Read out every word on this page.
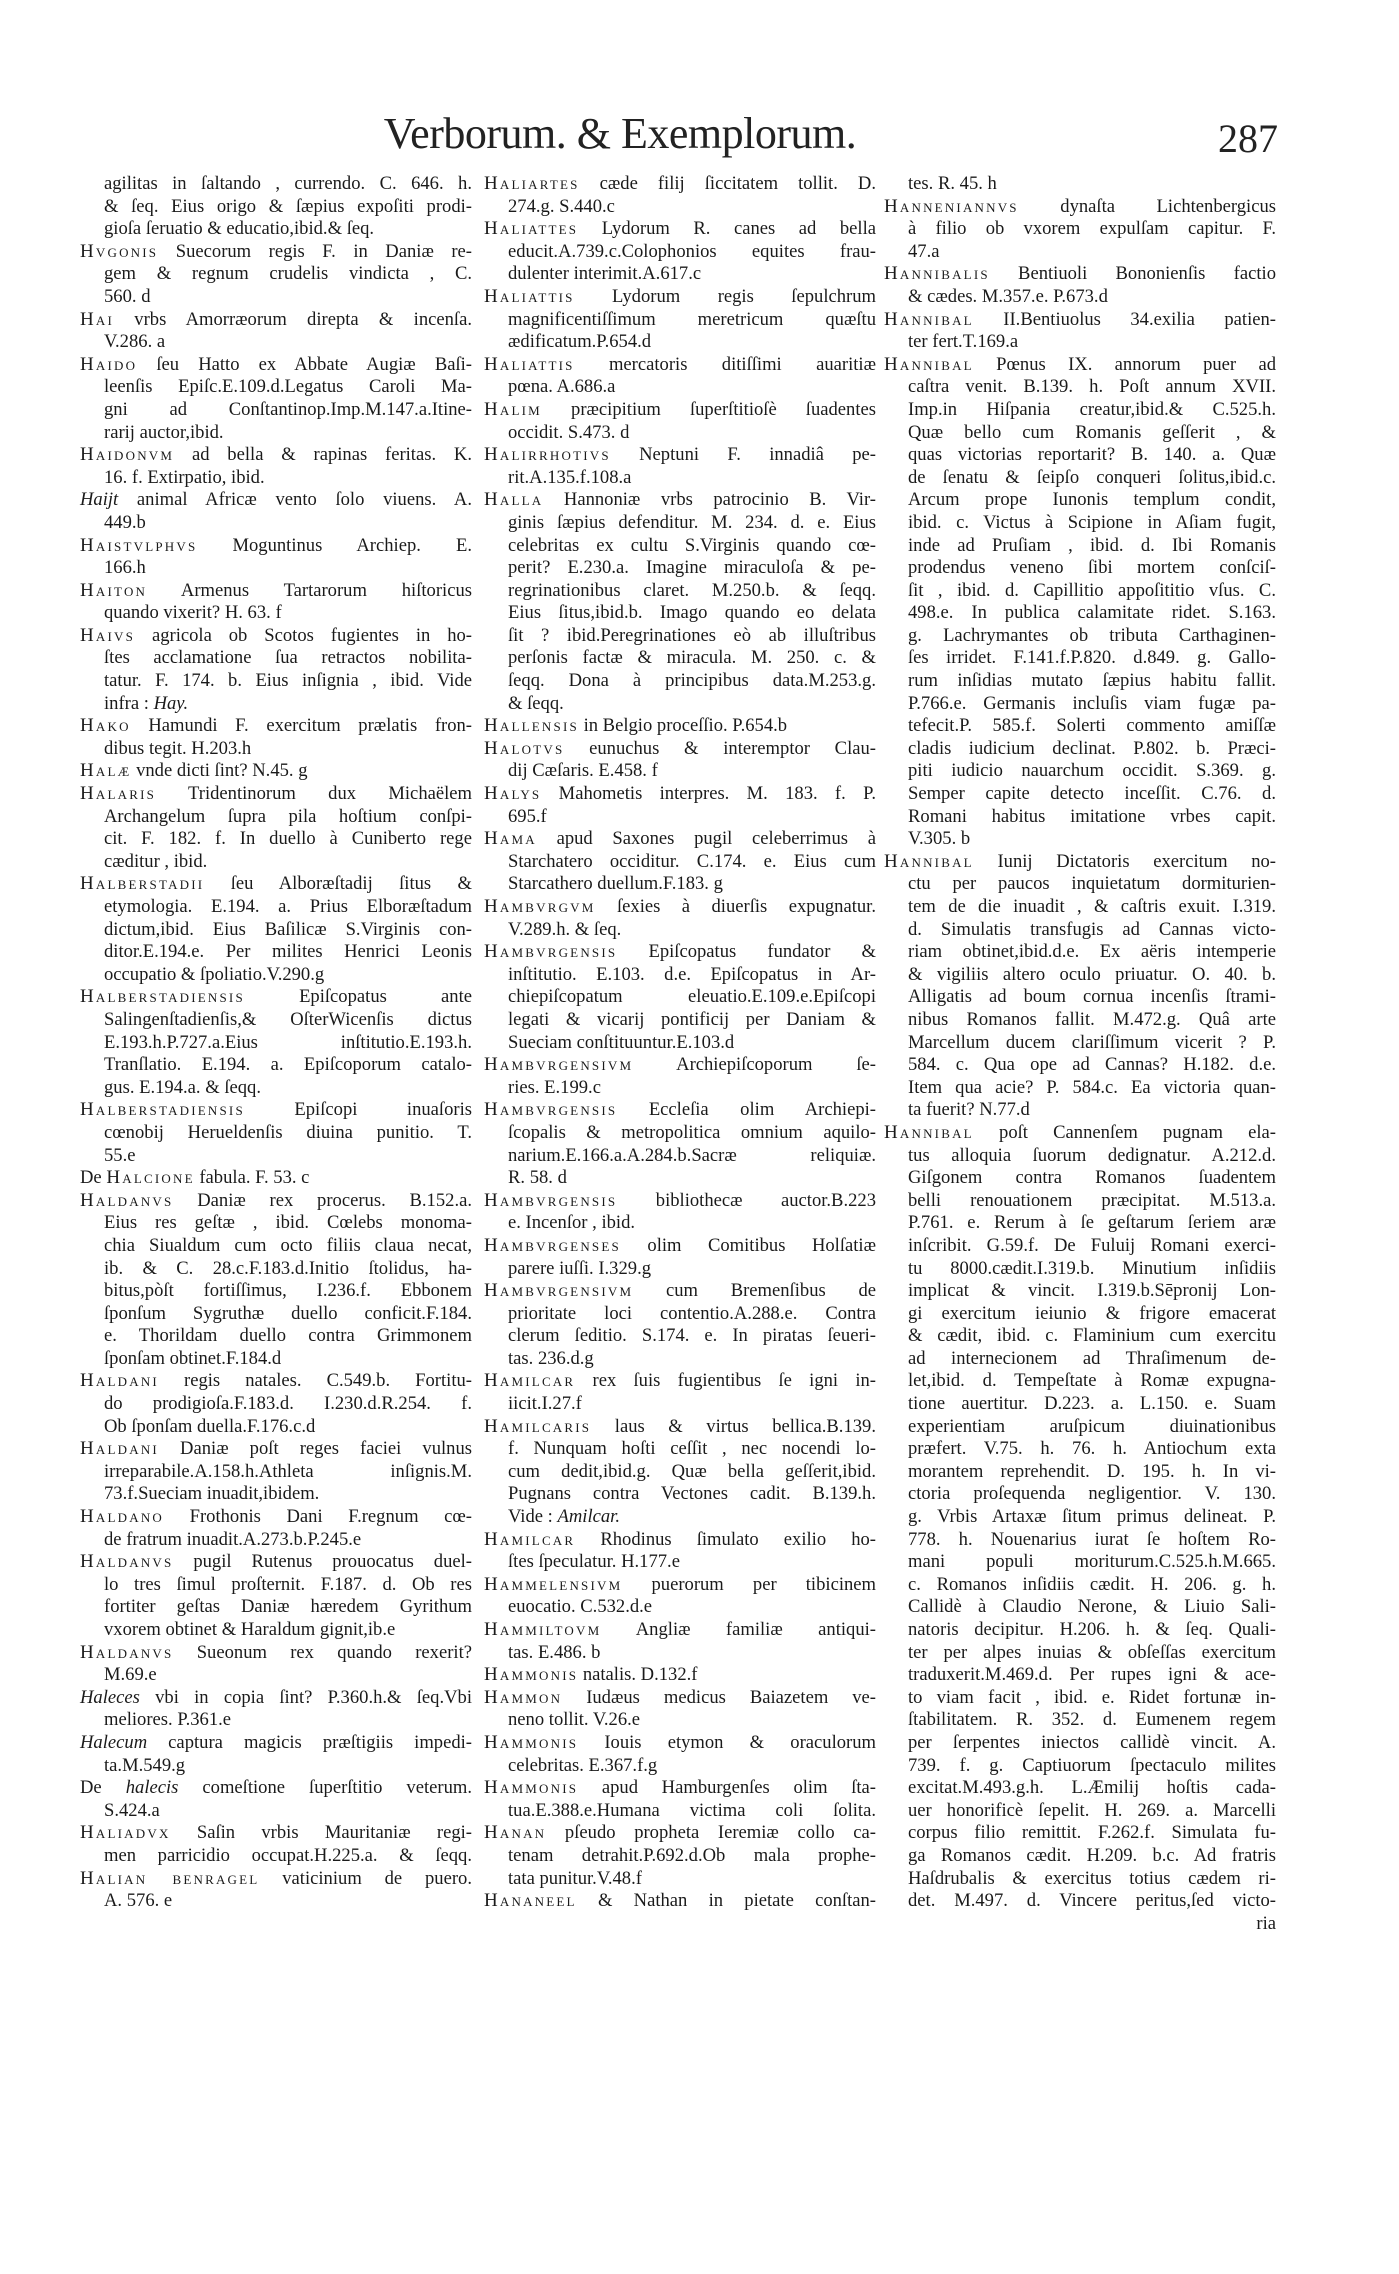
Verborum. & Exemplorum.	287
agilitas in ſaltando , currendo. C. 646. h.
& ſeq. Eius origo & ſæpius expoſiti prodi-
gioſa ſeruatio & educatio,ibid.& ſeq.
Hvgonis Suecorum regis F. in Daniæ re-
gem & regnum crudelis vindicta , C.
560. d
Hai vrbs Amorræorum direpta & incenſa.
V.286. a
Haido ſeu Hatto ex Abbate Augiæ Baſi-
leenſis Epiſc.E.109.d.Legatus Caroli Ma-
gni ad Conſtantinop.Imp.M.147.a.Itine-
rarij auctor,ibid.
Haidonvm ad bella & rapinas feritas. K.
16. f. Extirpatio, ibid.
Haijt animal Africæ vento ſolo viuens. A.
449.b
Haistvlphvs Moguntinus Archiep. E.
166.h
Haiton Armenus Tartarorum hiſtoricus
quando vixerit? H. 63. f
Haivs agricola ob Scotos fugientes in ho-
ſtes acclamatione ſua retractos nobilita-
tatur. F. 174. b. Eius inſignia , ibid. Vide
infra : Hay.
Hako Hamundi F. exercitum prælatis fron-
dibus tegit. H.203.h
Halæ vnde dicti ſint? N.45. g
Halaris Tridentinorum dux Michaëlem
Archangelum ſupra pila hoſtium conſpi-
cit. F. 182. f. In duello à Cuniberto rege
cæditur , ibid.
Halberstadii ſeu Alboræſtadij ſitus &
etymologia. E.194. a. Prius Elboræſtadum
dictum,ibid. Eius Baſilicæ S.Virginis con-
ditor.E.194.e. Per milites Henrici Leonis
occupatio & ſpoliatio.V.290.g
Halberstadiensis Epiſcopatus ante
Salingenſtadienſis,& OſterWicenſis dictus
E.193.h.P.727.a.Eius inſtitutio.E.193.h.
Tranſlatio. E.194. a. Epiſcoporum catalo-
gus. E.194.a. & ſeqq.
Halberstadiensis Epiſcopi inuaſoris
cœnobij Herueldenſis diuina punitio. T.
55.e
De Halcione fabula. F. 53. c
Haldanvs Daniæ rex procerus. B.152.a.
Eius res geſtæ , ibid. Cœlebs monoma-
chia Siualdum cum octo filiis claua necat,
ib. & C. 28.c.F.183.d.Initio ſtolidus, ha-
bitus,pòſt fortiſſimus, I.236.f. Ebbonem
ſponſum Sygruthæ duello conficit.F.184.
e. Thorildam duello contra Grimmonem
ſponſam obtinet.F.184.d
Haldani regis natales. C.549.b. Fortitu-
do prodigioſa.F.183.d. I.230.d.R.254. f.
Ob ſponſam duella.F.176.c.d
Haldani Daniæ poſt reges faciei vulnus
irreparabile.A.158.h.Athleta inſignis.M.
73.f.Sueciam inuadit,ibidem.
Haldano Frothonis Dani F.regnum cœ-
de fratrum inuadit.A.273.b.P.245.e
Haldanvs pugil Rutenus prouocatus duel-
lo tres ſimul proſternit. F.187. d. Ob res
fortiter geſtas Daniæ hæredem Gyrithum
vxorem obtinet & Haraldum gignit,ib.e
Haldanvs Sueonum rex quando rexerit?
M.69.e
Haleces vbi in copia ſint? P.360.h.& ſeq.Vbi
meliores. P.361.e
Halecum captura magicis præſtigiis impedi-
ta.M.549.g
De halecis comeſtione ſuperſtitio veterum.
S.424.a
Haliadvx Saſin vrbis Mauritaniæ regi-
men parricidio occupat.H.225.a. & ſeqq.
Halian benragel vaticinium de puero.
A. 576. e
Haliartes cæde filij ſiccitatem tollit. D.
274.g. S.440.c
Haliattes Lydorum R. canes ad bella
educit.A.739.c.Colophonios equites frau-
dulenter interimit.A.617.c
Haliattis Lydorum regis ſepulchrum
magnificentiſſimum meretricum quæſtu
ædificatum.P.654.d
Haliattis mercatoris ditiſſimi auaritiæ
pœna. A.686.a
Halim præcipitium ſuperſtitioſè ſuadentes
occidit. S.473. d
Halirrhotivs Neptuni F. innadiâ pe-
rit.A.135.f.108.a
Halla Hannoniæ vrbs patrocinio B. Vir-
ginis ſæpius defenditur. M. 234. d. e. Eius
celebritas ex cultu S.Virginis quando cœ-
perit? E.230.a. Imagine miraculoſa & pe-
regrinationibus claret. M.250.b. & ſeqq.
Eius ſitus,ibid.b. Imago quando eo delata
ſit ? ibid.Peregrinationes eò ab illuſtribus
perſonis factæ & miracula. M. 250. c. &
ſeqq. Dona à principibus data.M.253.g.
& ſeqq.
Hallensis in Belgio proceſſio. P.654.b
Halotvs eunuchus & interemptor Clau-
dij Cæſaris. E.458. f
Halys Mahometis interpres. M. 183. f. P.
695.f
Hama apud Saxones pugil celeberrimus à
Starchatero occiditur. C.174. e. Eius cum
Starcathero duellum.F.183. g
Hambvrgvm ſexies à diuerſis expugnatur.
V.289.h. & ſeq.
Hambvrgensis Epiſcopatus fundator &
inſtitutio. E.103. d.e. Epiſcopatus in Ar-
chiepiſcopatum eleuatio.E.109.e.Epiſcopi
legati & vicarij pontificij per Daniam &
Sueciam conſtituuntur.E.103.d
Hambvrgensivm Archiepiſcoporum ſe-
ries. E.199.c
Hambvrgensis Eccleſia olim Archiepi-
ſcopalis & metropolitica omnium aquilo-
narium.E.166.a.A.284.b.Sacræ reliquiæ.
R. 58. d
Hambvrgensis bibliothecæ auctor.B.223
e. Incenſor , ibid.
Hambvrgenses olim Comitibus Holſatiæ
parere iuſſi. I.329.g
Hambvrgensivm cum Bremenſibus de
prioritate loci contentio.A.288.e. Contra
clerum ſeditio. S.174. e. In piratas ſeueri-
tas. 236.d.g
Hamilcar rex ſuis fugientibus ſe igni in-
iicit.I.27.f
Hamilcaris laus & virtus bellica.B.139.
f. Nunquam hoſti ceſſit , nec nocendi lo-
cum dedit,ibid.g. Quæ bella geſſerit,ibid.
Pugnans contra Vectones cadit. B.139.h.
Vide : Amilcar.
Hamilcar Rhodinus ſimulato exilio ho-
ſtes ſpeculatur. H.177.e
Hammelensivm puerorum per tibicinem
euocatio. C.532.d.e
Hammiltovm Angliæ familiæ antiqui-
tas. E.486. b
Hammonis natalis. D.132.f
Hammon Iudæus medicus Baiazetem ve-
neno tollit. V.26.e
Hammonis Iouis etymon & oraculorum
celebritas. E.367.f.g
Hammonis apud Hamburgenſes olim ſta-
tua.E.388.e.Humana victima coli ſolita.
Hanan pſeudo propheta Ieremiæ collo ca-
tenam detrahit.P.692.d.Ob mala prophe-
tata punitur.V.48.f
Hananeel & Nathan in pietate conſtan-
tes. R. 45. h
Hanneniannvs dynaſta Lichtenbergicus
à filio ob vxorem expulſam capitur. F.
47.a
Hannibalis Bentiuoli Bononienſis factio
& cædes. M.357.e. P.673.d
Hannibal II.Bentiuolus 34.exilia patien-
ter fert.T.169.a
Hannibal Pœnus IX. annorum puer ad
caſtra venit. B.139. h. Poſt annum XVII.
Imp.in Hiſpania creatur,ibid.& C.525.h.
Quæ bello cum Romanis geſſerit , &
quas victorias reportarit? B. 140. a. Quæ
de ſenatu & ſeipſo conqueri ſolitus,ibid.c.
Arcum prope Iunonis templum condit,
ibid. c. Victus à Scipione in Aſiam fugit,
inde ad Pruſiam , ibid. d. Ibi Romanis
prodendus veneno ſibi mortem conſciſ-
ſit , ibid. d. Capillitio appoſititio vſus. C.
498.e. In publica calamitate ridet. S.163.
g. Lachrymantes ob tributa Carthaginen-
ſes irridet. F.141.f.P.820. d.849. g. Gallo-
rum inſidias mutato ſæpius habitu fallit.
P.766.e. Germanis incluſis viam fugæ pa-
tefecit.P. 585.f. Solerti commento amiſſæ
cladis iudicium declinat. P.802. b. Præci-
piti iudicio nauarchum occidit. S.369. g.
Semper capite detecto inceſſit. C.76. d.
Romani habitus imitatione vrbes capit.
V.305. b
Hannibal Iunij Dictatoris exercitum no-
ctu per paucos inquietatum dormiturien-
tem de die inuadit , & caſtris exuit. I.319.
d. Simulatis transfugis ad Cannas victo-
riam obtinet,ibid.d.e. Ex aëris intemperie
& vigiliis altero oculo priuatur. O. 40. b.
Alligatis ad boum cornua incenſis ſtrami-
nibus Romanos fallit. M.472.g. Quâ arte
Marcellum ducem clariſſimum vicerit ? P.
584. c. Qua ope ad Cannas? H.182. d.e.
Item qua acie? P. 584.c. Ea victoria quan-
ta fuerit? N.77.d
Hannibal poſt Cannenſem pugnam ela-
tus alloquia ſuorum dedignatur. A.212.d.
Giſgonem contra Romanos ſuadentem
belli renouationem præcipitat. M.513.a.
P.761. e. Rerum à ſe geſtarum ſeriem aræ
inſcribit. G.59.f. De Fuluij Romani exerci-
tu 8000.cædit.I.319.b. Minutium inſidiis
implicat & vincit. I.319.b.Sēpronij Lon-
gi exercitum ieiunio & frigore emacerat
& cædit, ibid. c. Flaminium cum exercitu
ad internecionem ad Thraſimenum de-
let,ibid. d. Tempeſtate à Romæ expugna-
tione auertitur. D.223. a. L.150. e. Suam
experientiam aruſpicum diuinationibus
præfert. V.75. h. 76. h. Antiochum exta
morantem reprehendit. D. 195. h. In vi-
ctoria proſequenda negligentior. V. 130.
g. Vrbis Artaxæ ſitum primus delineat. P.
778. h. Nouenarius iurat ſe hoſtem Ro-
mani populi moriturum.C.525.h.M.665.
c. Romanos inſidiis cædit. H. 206. g. h.
Callidè à Claudio Nerone, & Liuio Sali-
natoris decipitur. H.206. h. & ſeq. Quali-
ter per alpes inuias & obſeſſas exercitum
traduxerit.M.469.d. Per rupes igni & ace-
to viam facit , ibid. e. Ridet fortunæ in-
ſtabilitatem. R. 352. d. Eumenem regem
per ſerpentes iniectos callidè vincit. A.
739. f. g. Captiuorum ſpectaculo milites
excitat.M.493.g.h. L.Æmilij hoſtis cada-
uer honorificè ſepelit. H. 269. a. Marcelli
corpus filio remittit. F.262.f. Simulata fu-
ga Romanos cædit. H.209. b.c. Ad fratris
Haſdrubalis & exercitus totius cædem ri-
det. M.497. d. Vincere peritus,ſed victo-
ria
